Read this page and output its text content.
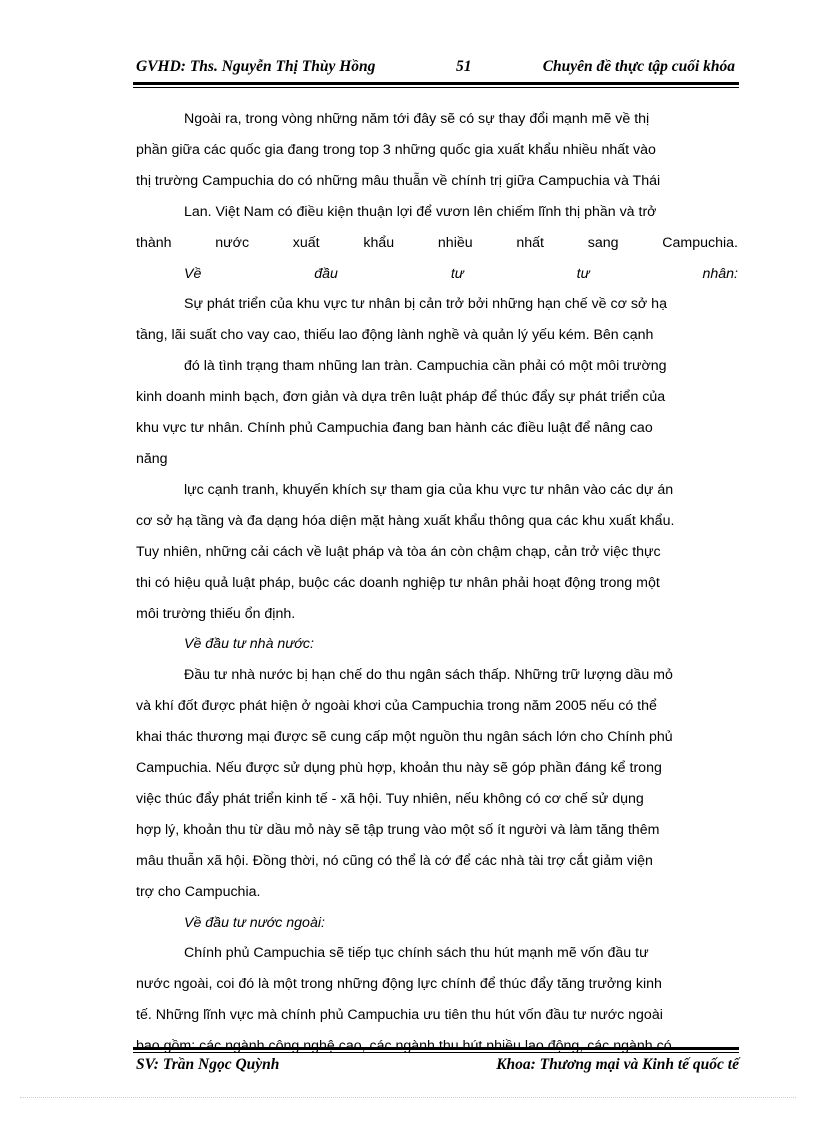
GVHD: Ths. Nguyễn Thị Thùy Hồng	51	Chuyên đề thực tập cuối khóa

Ngoài ra, trong vòng những năm tới đây sẽ có sự thay đổi mạnh mẽ về thị

phần giữa các quốc gia đang trong top 3 những quốc gia xuất khẩu nhiều nhất vào

thị trường Campuchia do có những mâu thuẫn về chính trị giữa Campuchia và Thái

Lan. Việt Nam có điều kiện thuận lợi để vươn lên chiếm lĩnh thị phần và trở

thành nước xuất khẩu nhiều nhất sang Campuchia.

Về đầu tư tư nhân:

Sự phát triển của khu vực tư nhân bị cản trở bởi những hạn chế về cơ sở hạ

tầng, lãi suất cho vay cao, thiếu lao động lành nghề và quản lý yếu kém. Bên cạnh

đó là tình trạng tham nhũng lan tràn. Campuchia cần phải có một môi trường

kinh doanh minh bạch, đơn giản và dựa trên luật pháp để thúc đẩy sự phát triển của

khu vực tư nhân. Chính phủ Campuchia đang ban hành các điều luật để nâng cao

năng

lực cạnh tranh, khuyến khích sự tham gia của khu vực tư nhân vào các dự án

cơ sở hạ tầng và đa dạng hóa diện mặt hàng xuất khẩu thông qua các khu xuất khẩu.

Tuy nhiên, những cải cách về luật pháp và tòa án còn chậm chạp, cản trở việc thực

thi có hiệu quả luật pháp, buộc các doanh nghiệp tư nhân phải hoạt động trong một

môi trường thiếu ổn định.

Về đầu tư nhà nước:

Đầu tư nhà nước bị hạn chế do thu ngân sách thấp. Những trữ lượng dầu mỏ

và khí đốt được phát hiện ở ngoài khơi của Campuchia trong năm 2005 nếu có thể

khai thác thương mại được sẽ cung cấp một nguồn thu ngân sách lớn cho Chính phủ

Campuchia. Nếu được sử dụng phù hợp, khoản thu này sẽ góp phần đáng kể trong

việc thúc đẩy phát triển kinh tế - xã hội. Tuy nhiên, nếu không có cơ chế sử dụng

hợp lý, khoản thu từ dầu mỏ này sẽ tập trung vào một số ít người và làm tăng thêm

mâu thuẫn xã hội. Đồng thời, nó cũng có thể là cớ để các nhà tài trợ cắt giảm viện

trợ cho Campuchia.

Về đầu tư nước ngoài:

Chính phủ Campuchia sẽ tiếp tục chính sách thu hút mạnh mẽ vốn đầu tư

nước ngoài, coi đó là một trong những động lực chính để thúc đẩy tăng trưởng kinh

tế. Những lĩnh vực mà chính phủ Campuchia ưu tiên thu hút vốn đầu tư nước ngoài

SV: Trần Ngọc Quỳnh	Khoa: Thương mại và Kinh tế quốc tế
